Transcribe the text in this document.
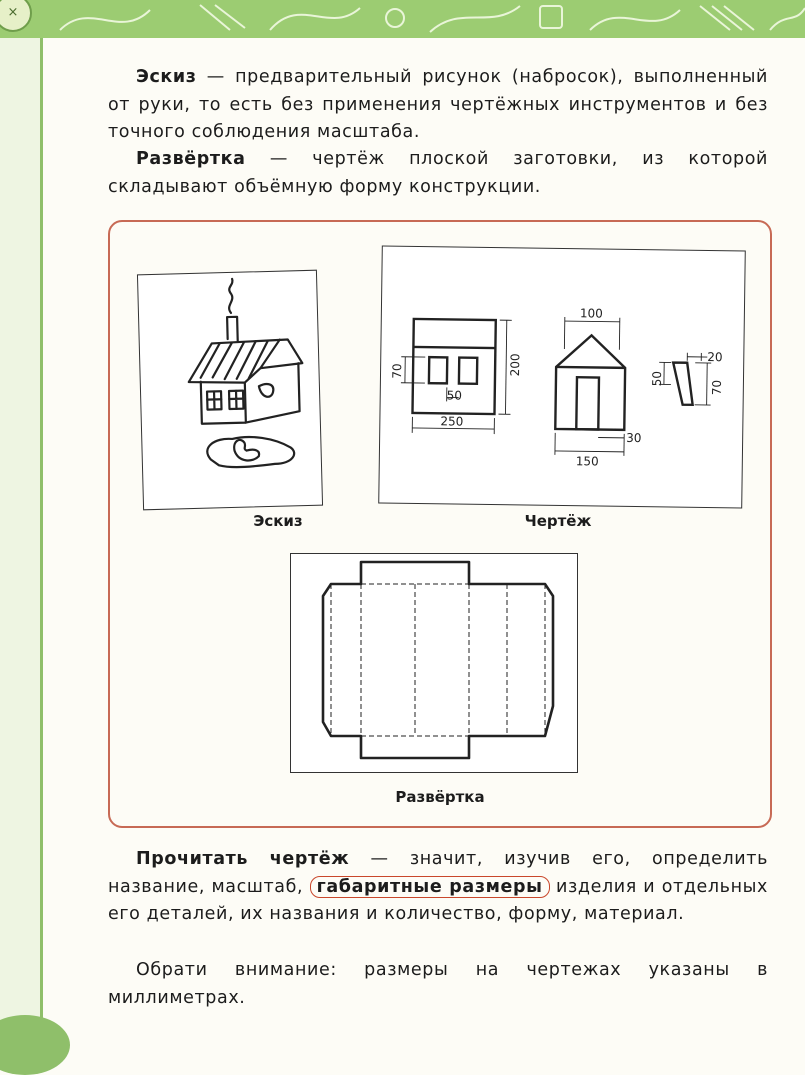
×
Эскиз — предварительный рисунок (набросок), выполненный от руки, то есть без применения чертёжных инструментов и без точного соблюдения масштаба.
Развёртка — чертёж плоской заготовки, из которой складывают объёмную форму конструкции.
250
200
70
50
100
150
30
20
50
70
Эскиз	Чертёж
Развёртка
Прочитать чертёж — значит, изучив его, определить название, масштаб, габаритные размеры изделия и отдельных его деталей, их названия и количество, форму, материал.
Обрати внимание: размеры на чертежах указаны в миллиметрах.
